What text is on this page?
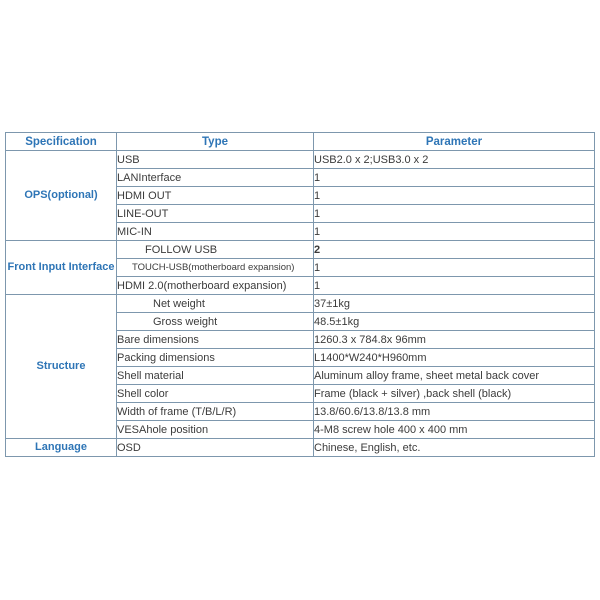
Specification	Type	Parameter
OPS(optional)	USB	USB2.0 x 2;USB3.0 x 2
	LANInterface	1
	HDMI OUT	1
	LINE-OUT	1
	MIC-IN	1
Front Input Interface	FOLLOW USB	2
	TOUCH-USB(motherboard expansion)	1
	HDMI 2.0(motherboard expansion)	1
Structure	Net weight	37±1kg
	Gross weight	48.5±1kg
	Bare dimensions	1260.3 x 784.8x 96mm
	Packing dimensions	L1400*W240*H960mm
	Shell material	Aluminum alloy frame, sheet metal back cover
	Shell color	Frame (black + silver) ,back shell (black)
	Width of frame (T/B/L/R)	13.8/60.6/13.8/13.8 mm
	VESAhole position	4-M8 screw hole 400 x 400 mm
Language	OSD	Chinese, English, etc.
